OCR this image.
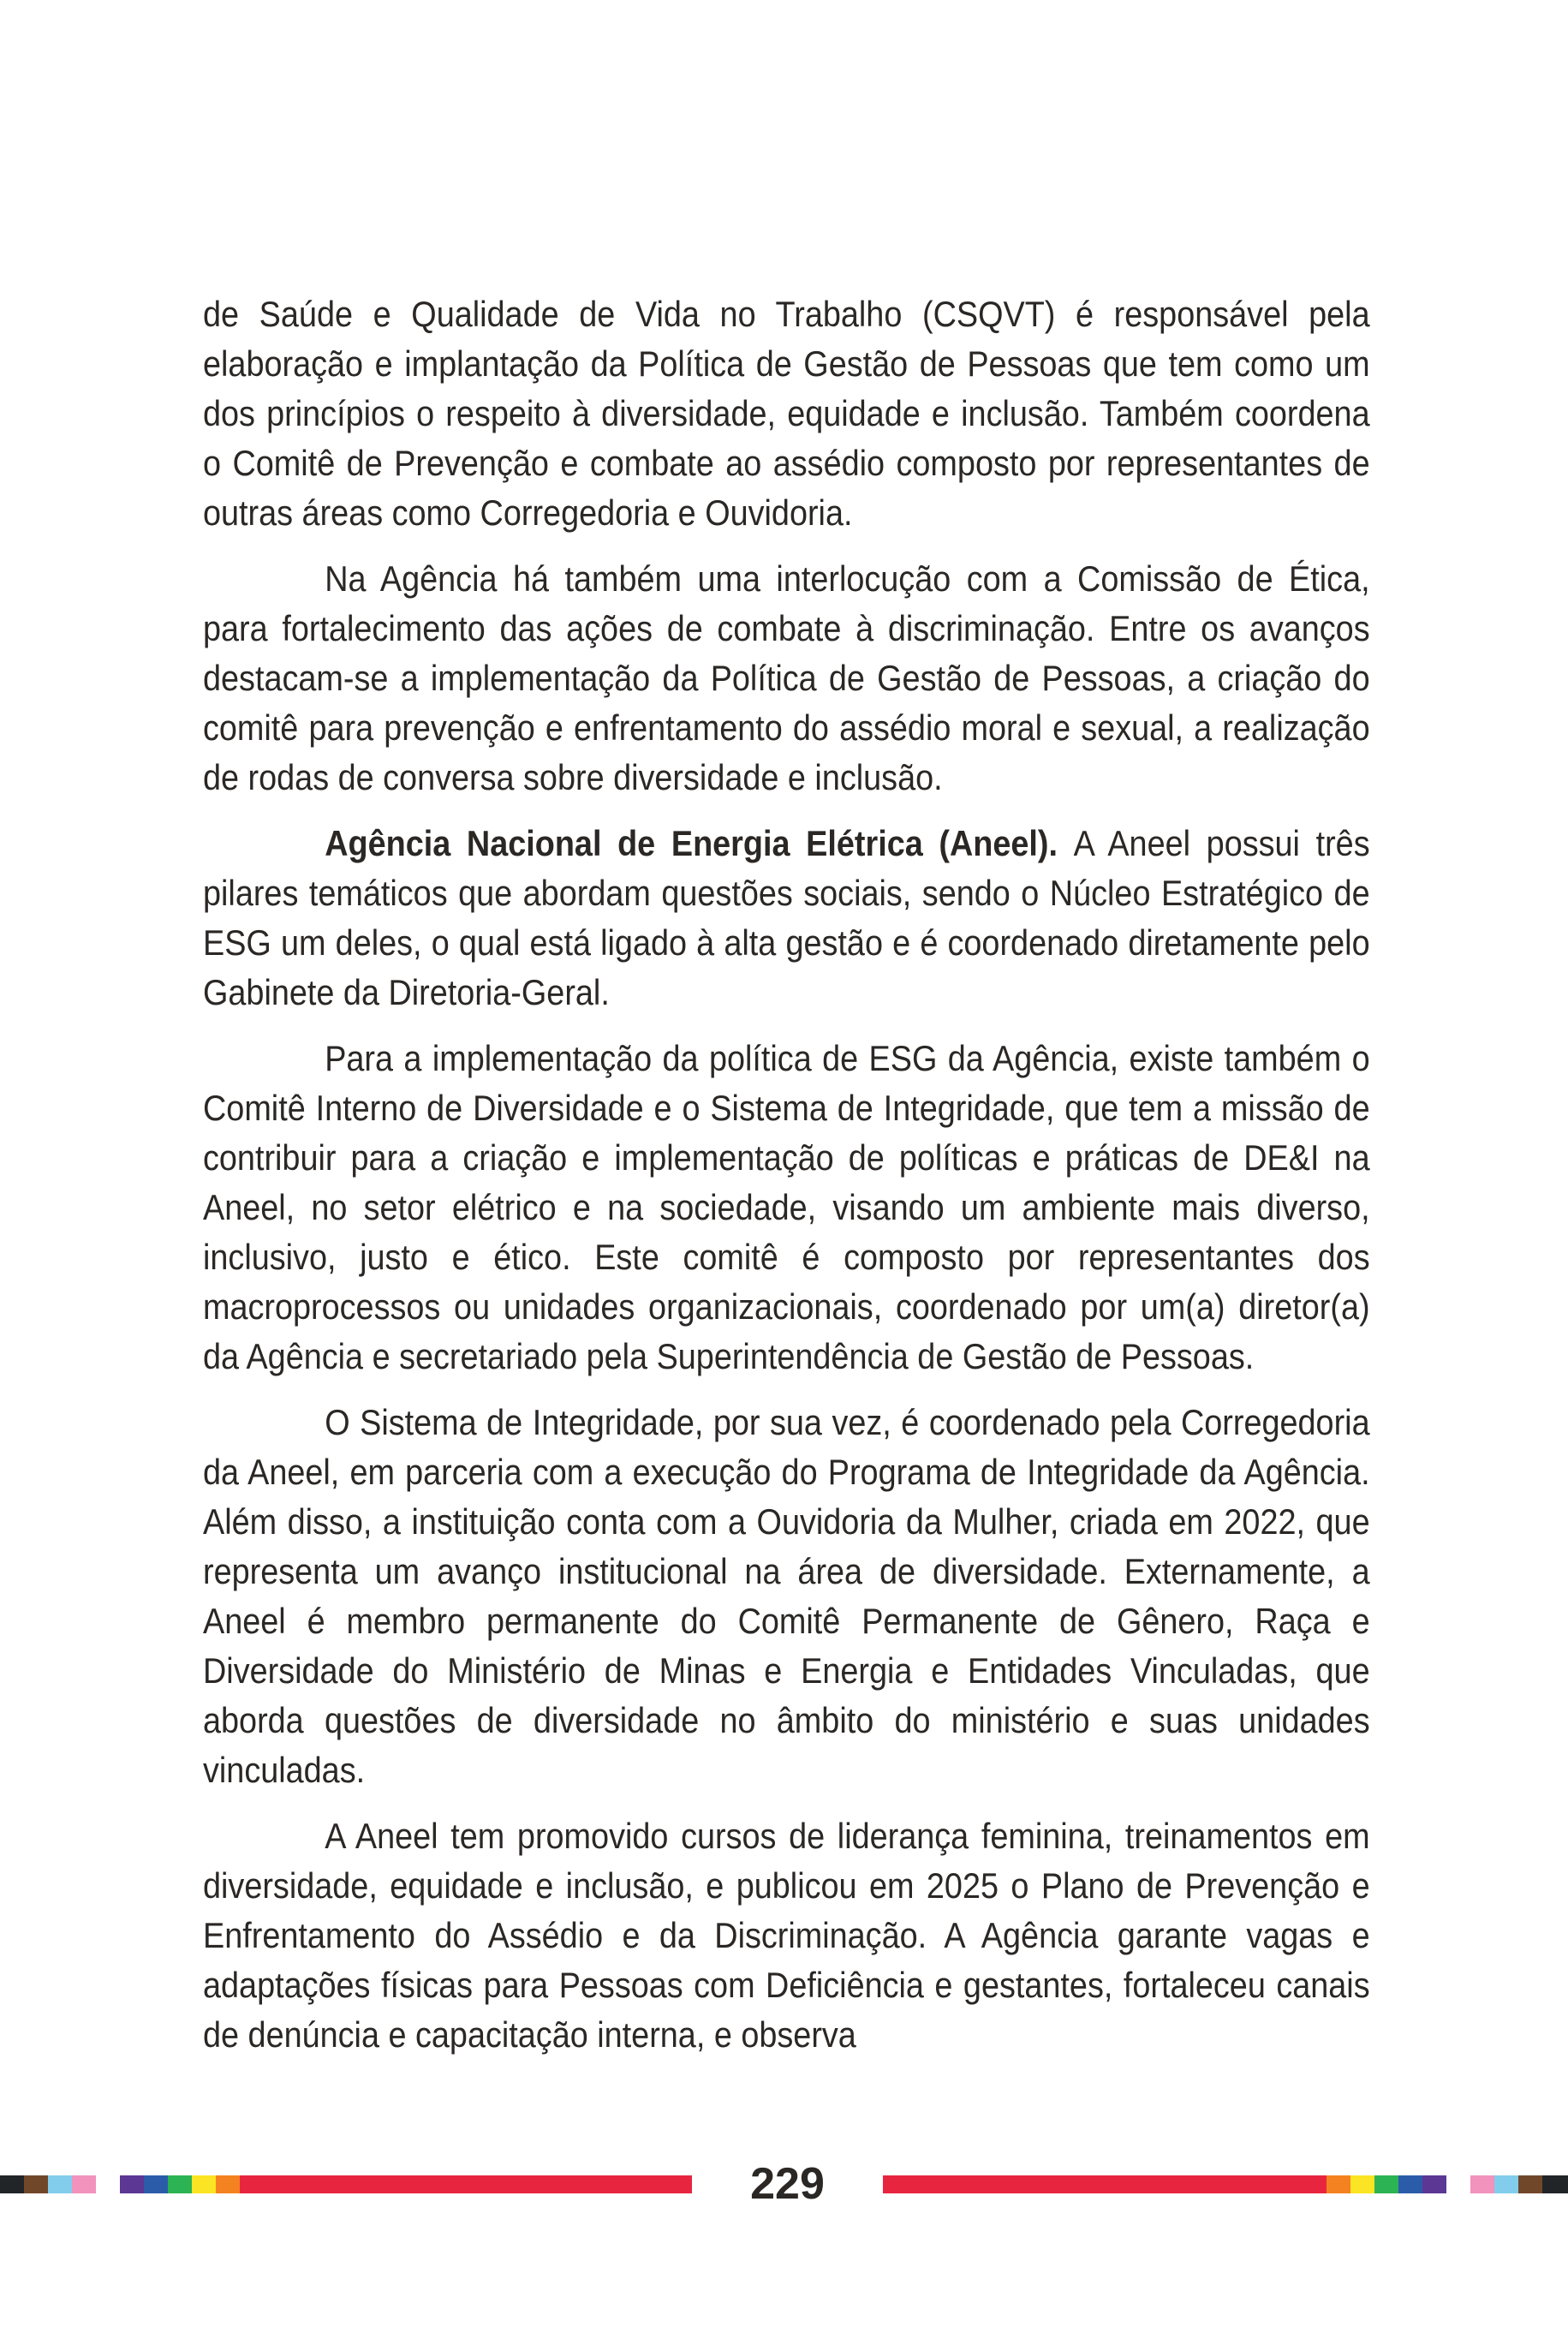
de Saúde e Qualidade de Vida no Trabalho (CSQVT) é responsável pela elaboração e implantação da Política de Gestão de Pessoas que tem como um dos princípios o respeito à diversidade, equidade e inclusão. Também coordena o Comitê de Prevenção e combate ao assédio composto por representantes de outras áreas como Corregedoria e Ouvidoria.

Na Agência há também uma interlocução com a Comissão de Ética, para fortalecimento das ações de combate à discriminação. Entre os avanços destacam-se a implementação da Política de Gestão de Pessoas, a criação do comitê para prevenção e enfrentamento do assédio moral e sexual, a realização de rodas de conversa sobre diversidade e inclusão.

Agência Nacional de Energia Elétrica (Aneel). A Aneel possui três pilares temáticos que abordam questões sociais, sendo o Núcleo Estratégico de ESG um deles, o qual está ligado à alta gestão e é coordenado diretamente pelo Gabinete da Diretoria-Geral.

Para a implementação da política de ESG da Agência, existe também o Comitê Interno de Diversidade e o Sistema de Integridade, que tem a missão de contribuir para a criação e implementação de políticas e práticas de DE&I na Aneel, no setor elétrico e na sociedade, visando um ambiente mais diverso, inclusivo, justo e ético. Este comitê é composto por representantes dos macroprocessos ou unidades organizacionais, coordenado por um(a) diretor(a) da Agência e secretariado pela Superintendência de Gestão de Pessoas.

O Sistema de Integridade, por sua vez, é coordenado pela Corregedoria da Aneel, em parceria com a execução do Programa de Integridade da Agência. Além disso, a instituição conta com a Ouvidoria da Mulher, criada em 2022, que representa um avanço institucional na área de diversidade. Externamente, a Aneel é membro permanente do Comitê Permanente de Gênero, Raça e Diversidade do Ministério de Minas e Energia e Entidades Vinculadas, que aborda questões de diversidade no âmbito do ministério e suas unidades vinculadas.

A Aneel tem promovido cursos de liderança feminina, treinamentos em diversidade, equidade e inclusão, e publicou em 2025 o Plano de Prevenção e Enfrentamento do Assédio e da Discriminação. A Agência garante vagas e adaptações físicas para Pessoas com Deficiência e gestantes, fortaleceu canais de denúncia e capacitação interna, e observa

229
